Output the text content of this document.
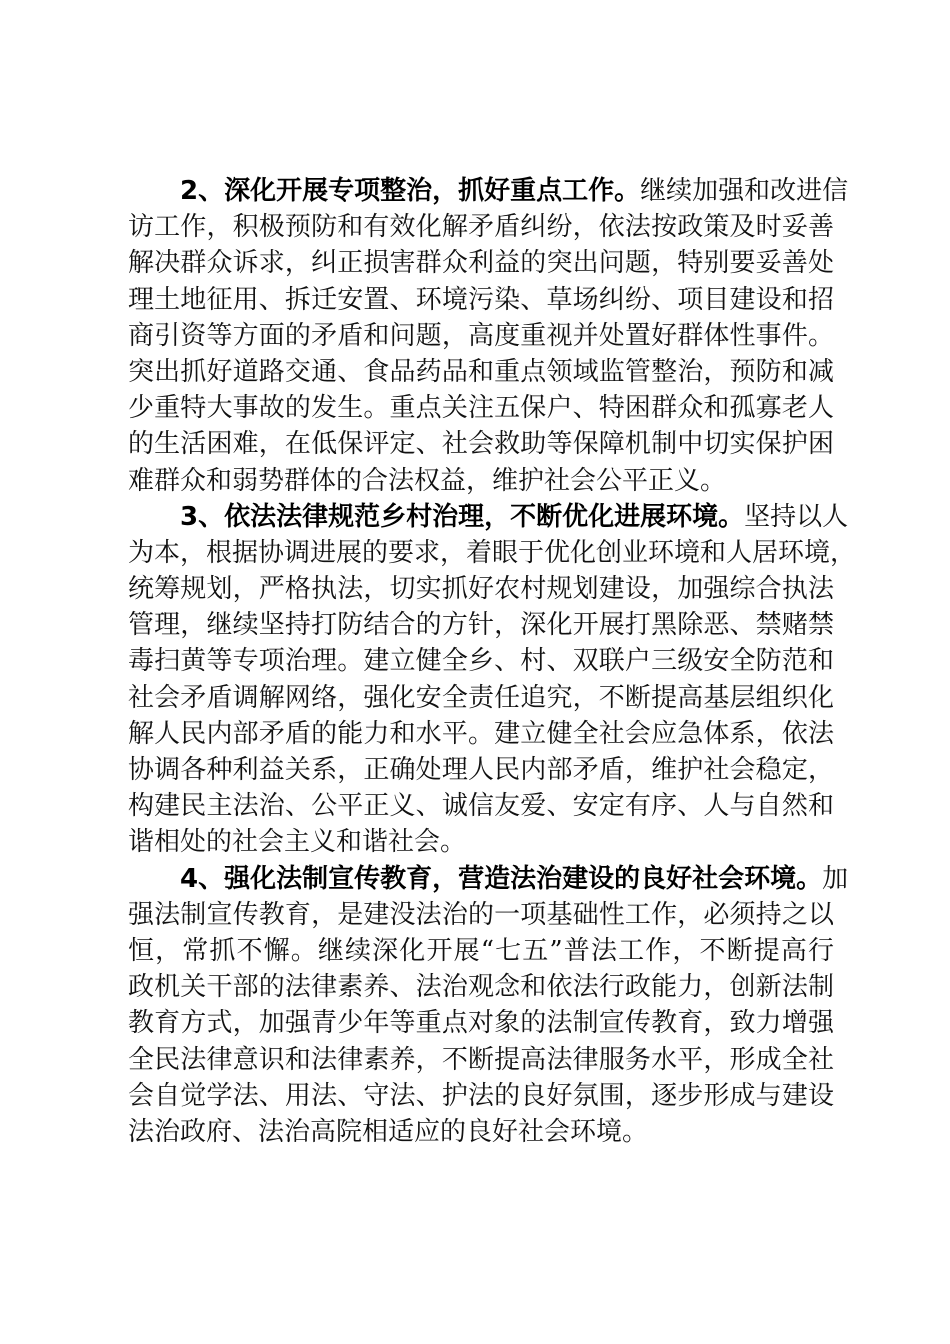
2、深化开展专项整治，抓好重点工作。继续加强和改进信
访工作，积极预防和有效化解矛盾纠纷，依法按政策及时妥善
解决群众诉求，纠正损害群众利益的突出问题，特别要妥善处
理土地征用、拆迁安置、环境污染、草场纠纷、项目建设和招
商引资等方面的矛盾和问题，高度重视并处置好群体性事件。
突出抓好道路交通、食品药品和重点领域监管整治，预防和减
少重特大事故的发生。重点关注五保户、特困群众和孤寡老人
的生活困难，在低保评定、社会救助等保障机制中切实保护困
难群众和弱势群体的合法权益，维护社会公平正义。
3、依法法律规范乡村治理，不断优化进展环境。坚持以人
为本，根据协调进展的要求，着眼于优化创业环境和人居环境，
统筹规划，严格执法，切实抓好农村规划建设，加强综合执法
管理，继续坚持打防结合的方针，深化开展打黑除恶、禁赌禁
毒扫黄等专项治理。建立健全乡、村、双联户三级安全防范和
社会矛盾调解网络，强化安全责任追究，不断提高基层组织化
解人民内部矛盾的能力和水平。建立健全社会应急体系，依法
协调各种利益关系，正确处理人民内部矛盾，维护社会稳定，
构建民主法治、公平正义、诚信友爱、安定有序、人与自然和
谐相处的社会主义和谐社会。
4、强化法制宣传教育，营造法治建设的良好社会环境。加
强法制宣传教育，是建没法治的一项基础性工作，必须持之以
恒，常抓不懈。继续深化开展“七五”普法工作，不断提高行
政机关干部的法律素养、法治观念和依法行政能力，创新法制
教育方式，加强青少年等重点对象的法制宣传教育，致力增强
全民法律意识和法律素养，不断提高法律服务水平，形成全社
会自觉学法、用法、守法、护法的良好氛围，逐步形成与建设
法治政府、法治高院相适应的良好社会环境。
